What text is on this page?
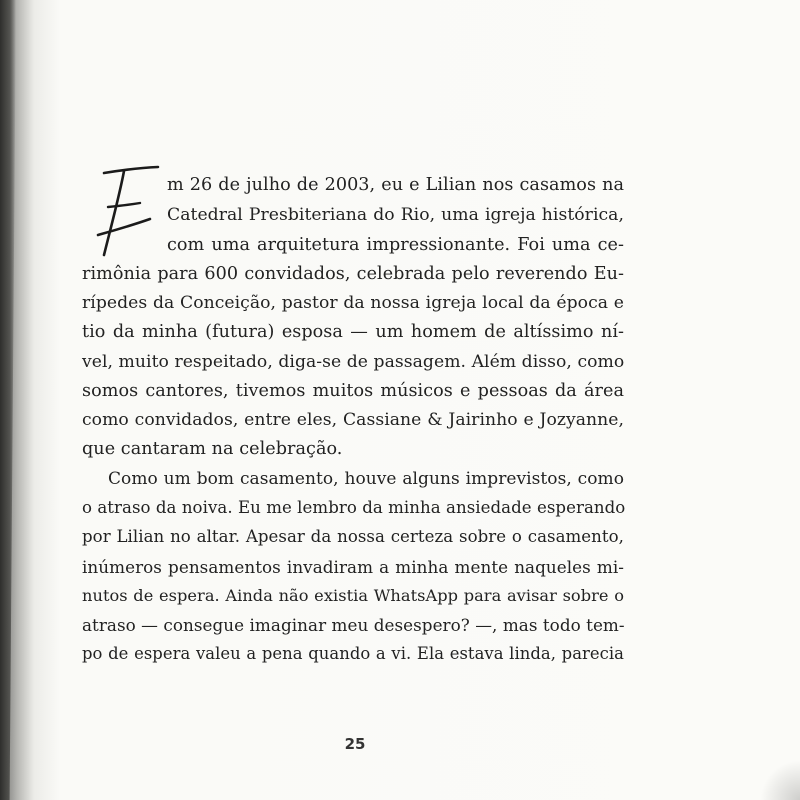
m 26 de julho de 2003, eu e Lilian nos casamos na
Catedral Presbiteriana do Rio, uma igreja histórica,
com uma arquitetura impressionante. Foi uma ce-
rimônia para 600 convidados, celebrada pelo reverendo Eu-
rípedes da Conceição, pastor da nossa igreja local da época e
tio da minha (futura) esposa — um homem de altíssimo ní-
vel, muito respeitado, diga-se de passagem. Além disso, como
somos cantores, tivemos muitos músicos e pessoas da área
como convidados, entre eles, Cassiane & Jairinho e Jozyanne,
que cantaram na celebração.
Como um bom casamento, houve alguns imprevistos, como
o atraso da noiva. Eu me lembro da minha ansiedade esperando
por Lilian no altar. Apesar da nossa certeza sobre o casamento,
inúmeros pensamentos invadiram a minha mente naqueles mi-
nutos de espera. Ainda não existia WhatsApp para avisar sobre o
atraso — consegue imaginar meu desespero? —, mas todo tem-
po de espera valeu a pena quando a vi. Ela estava linda, parecia
25
